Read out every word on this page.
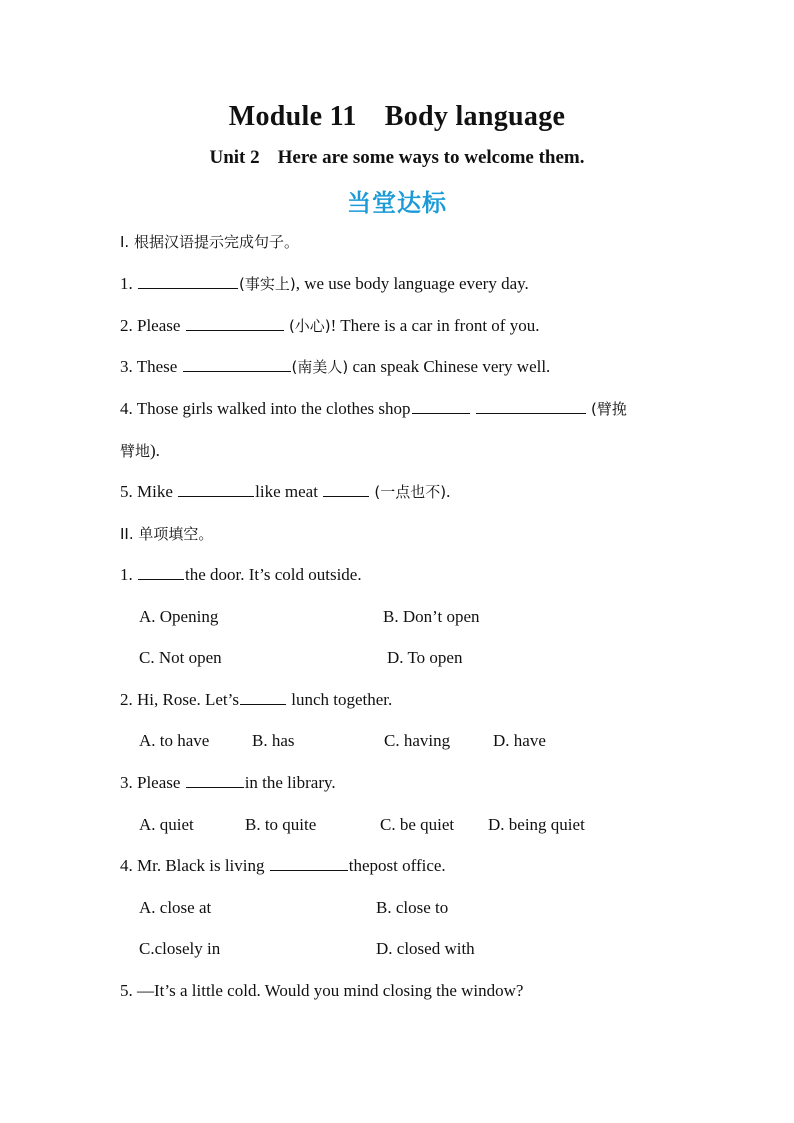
Module 11 Body language
Unit 2 Here are some ways to welcome them.
当堂达标
I. 根据汉语提示完成句子。
1.	(事实上), we use body language every day.
2. Please	(小心)! There is a car in front of you.
3. These	(南美人) can speak Chinese very well.
4. Those girls walked into the clothes shop	(臂挽
臂地).
5. Mike	like meat	(一点也不).
II. 单项填空。
1.	the door. It’s cold outside.
A. Opening	B. Don’t open
C. Not open	D. To open
2. Hi, Rose. Let’s	lunch together.
A. to have	B. has	C. having	D. have
3. Please	in the library.
A. quiet	B. to quite	C. be quiet D. being quiet
4. Mr. Black is living	thepost office.
A. close at	B. close to
C.closely in	D. closed with
5. —It’s a little cold. Would you mind closing the window?
